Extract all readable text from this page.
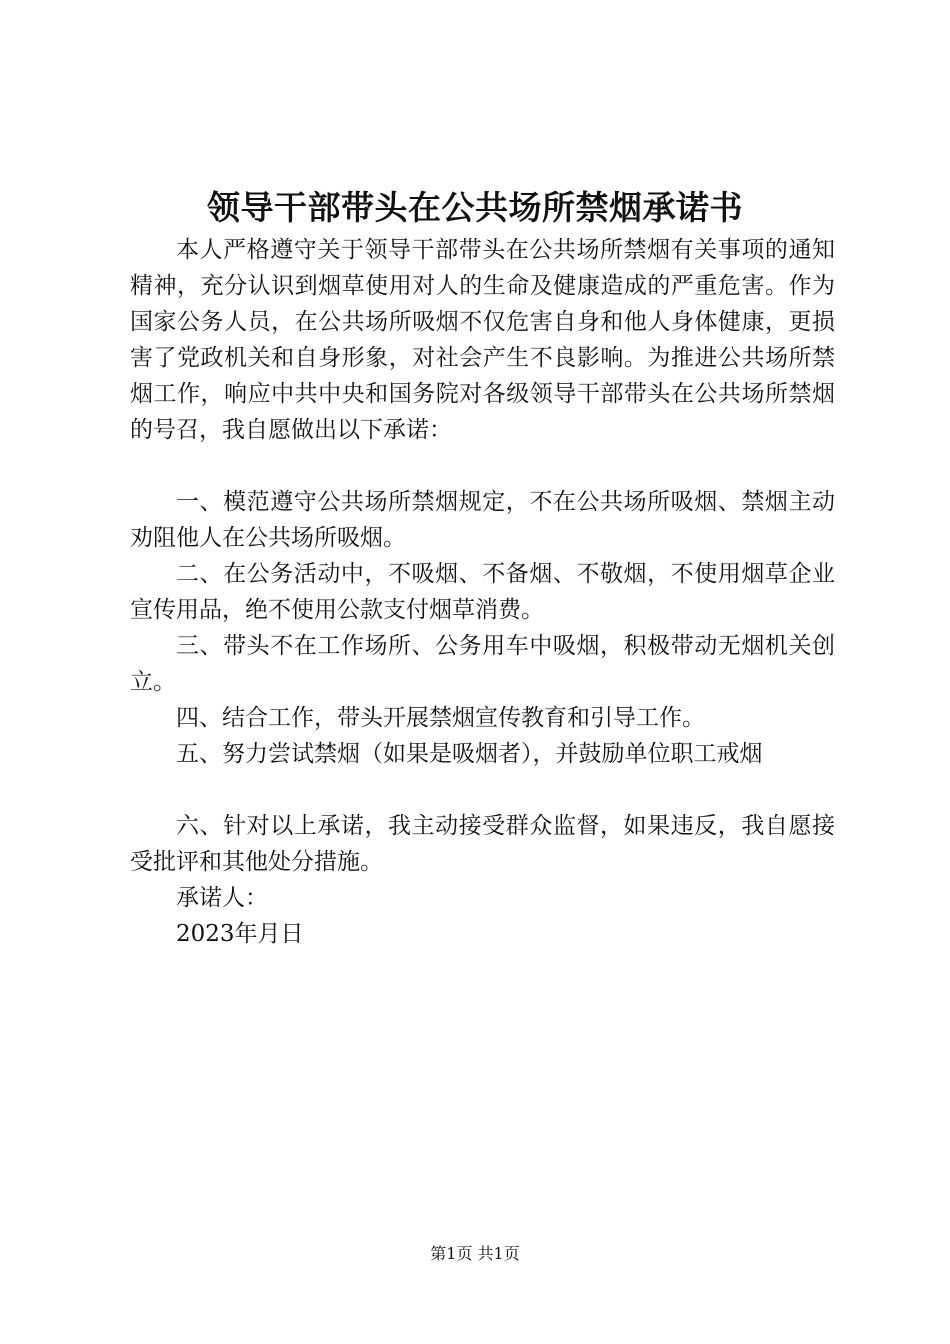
领导干部带头在公共场所禁烟承诺书

本人严格遵守关于领导干部带头在公共场所禁烟有关事项的通知精神，充分认识到烟草使用对人的生命及健康造成的严重危害。作为国家公务人员，在公共场所吸烟不仅危害自身和他人身体健康，更损害了党政机关和自身形象，对社会产生不良影响。为推进公共场所禁烟工作，响应中共中央和国务院对各级领导干部带头在公共场所禁烟的号召，我自愿做出以下承诺：

一、模范遵守公共场所禁烟规定，不在公共场所吸烟、禁烟主动劝阻他人在公共场所吸烟。

二、在公务活动中，不吸烟、不备烟、不敬烟，不使用烟草企业宣传用品，绝不使用公款支付烟草消费。

三、带头不在工作场所、公务用车中吸烟，积极带动无烟机关创立。

四、结合工作，带头开展禁烟宣传教育和引导工作。

五、努力尝试禁烟（如果是吸烟者），并鼓励单位职工戒烟

六、针对以上承诺，我主动接受群众监督，如果违反，我自愿接受批评和其他处分措施。

承诺人：

2023年月日

第1页 共1页
